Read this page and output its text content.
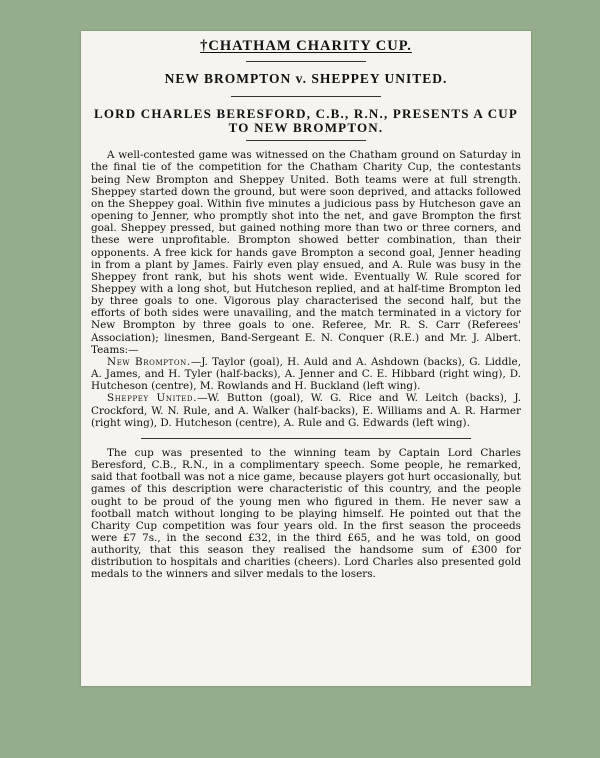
†CHATHAM CHARITY CUP.
NEW BROMPTON v. SHEPPEY UNITED.
LORD CHARLES BERESFORD, C.B., R.N., PRESENTS A CUP TO NEW BROMPTON.

A well-contested game was witnessed on the Chatham ground on Saturday in the final tie of the competition for the Chatham Charity Cup, the contestants being New Brompton and Sheppey United. Both teams were at full strength. Sheppey started down the ground, but were soon deprived, and attacks followed on the Sheppey goal. Within five minutes a judicious pass by Hutcheson gave an opening to Jenner, who promptly shot into the net, and gave Brompton the first goal. Sheppey pressed, but gained nothing more than two or three corners, and these were unprofitable. Brompton showed better combination, than their opponents. A free kick for hands gave Brompton a second goal, Jenner heading in from a plant by James. Fairly even play ensued, and A. Rule was busy in the Sheppey front rank, but his shots went wide. Eventually W. Rule scored for Sheppey with a long shot, but Hutcheson replied, and at half-time Brompton led by three goals to one. Vigorous play characterised the second half, but the efforts of both sides were unavailing, and the match terminated in a victory for New Brompton by three goals to one. Referee, Mr. R. S. Carr (Referees' Association); linesmen, Band-Sergeant E. N. Conquer (R.E.) and Mr. J. Albert. Teams:—

New Brompton.—J. Taylor (goal), H. Auld and A. Ashdown (backs), G. Liddle, A. James, and H. Tyler (half-backs), A. Jenner and C. E. Hibbard (right wing), D. Hutcheson (centre), M. Rowlands and H. Buckland (left wing).

Sheppey United.—W. Button (goal), W. G. Rice and W. Leitch (backs), J. Crockford, W. N. Rule, and A. Walker (half-backs), E. Williams and A. R. Harmer (right wing), D. Hutcheson (centre), A. Rule and G. Edwards (left wing).

The cup was presented to the winning team by Captain Lord Charles Beresford, C.B., R.N., in a complimentary speech. Some people, he remarked, said that football was not a nice game, because players got hurt occasionally, but games of this description were characteristic of this country, and the people ought to be proud of the young men who figured in them. He never saw a football match without longing to be playing himself. He pointed out that the Charity Cup competition was four years old. In the first season the proceeds were £7 7s., in the second £32, in the third £65, and he was told, on good authority, that this season they realised the handsome sum of £300 for distribution to hospitals and charities (cheers). Lord Charles also presented gold medals to the winners and silver medals to the losers.
